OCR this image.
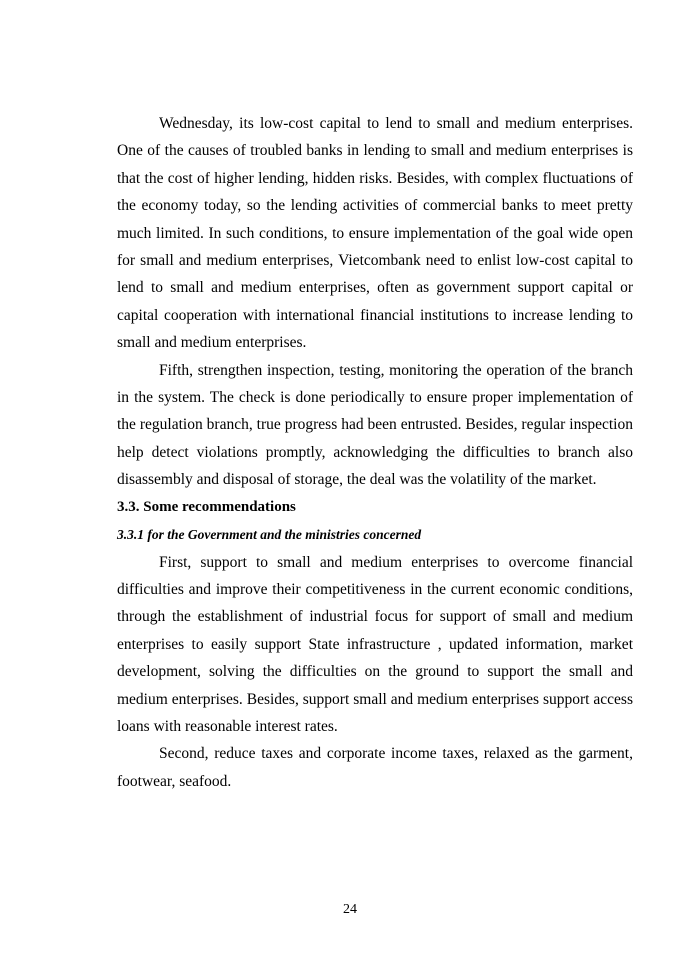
Wednesday, its low-cost capital to lend to small and medium enterprises. One of the causes of troubled banks in lending to small and medium enterprises is that the cost of higher lending, hidden risks. Besides, with complex fluctuations of the economy today, so the lending activities of commercial banks to meet pretty much limited. In such conditions, to ensure implementation of the goal wide open for small and medium enterprises, Vietcombank need to enlist low-cost capital to lend to small and medium enterprises, often as government support capital or capital cooperation with international financial institutions to increase lending to small and medium enterprises.

Fifth, strengthen inspection, testing, monitoring the operation of the branch in the system. The check is done periodically to ensure proper implementation of the regulation branch, true progress had been entrusted. Besides, regular inspection help detect violations promptly, acknowledging the difficulties to branch also disassembly and disposal of storage, the deal was the volatility of the market.

3.3. Some recommendations

3.3.1 for the Government and the ministries concerned

First, support to small and medium enterprises to overcome financial difficulties and improve their competitiveness in the current economic conditions, through the establishment of industrial focus for support of small and medium enterprises to easily support State infrastructure , updated information, market development, solving the difficulties on the ground to support the small and medium enterprises. Besides, support small and medium enterprises support access loans with reasonable interest rates.

Second, reduce taxes and corporate income taxes, relaxed as the garment, footwear, seafood.

24
